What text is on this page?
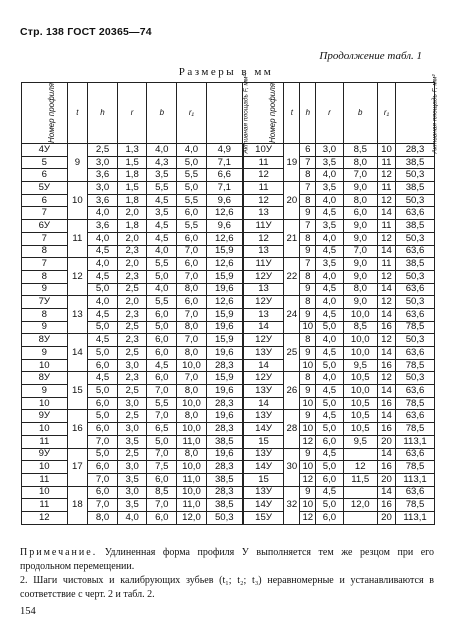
Стр. 138 ГОСТ 20365—74
Продолжение табл. 1
Размеры в мм
Номер профиля	t	h	r	b	r₁	Активная площадь F, мм²	Номер профиля	t	h	r	b	r₁	Активная площадь F, мм²
4У	9	2,5	1,3	4,0	4,0	4,9	10У	19	6	3,0	8,5	10	28,3
5		3,0	1,5	4,3	5,0	7,1	11		7	3,5	8,0	11	38,5
6		3,6	1,8	3,5	5,5	6,6	12		8	4,0	7,0	12	50,3
5У	10	3,0	1,5	5,5	5,0	7,1	11	20	7	3,5	9,0	11	38,5
6		3,6	1,8	4,5	5,5	9,6	12		8	4,0	8,0	12	50,3
7		4,0	2,0	3,5	6,0	12,6	13		9	4,5	6,0	14	63,6
6У	11	3,6	1,8	4,5	5,5	9,6	11У	21	7	3,5	9,0	11	38,5
7		4,0	2,0	4,5	6,0	12,6	12		8	4,0	9,0	12	50,3
8		4,5	2,3	4,0	7,0	15,9	13		9	4,5	7,0	14	63,6
7	12	4,0	2,0	5,5	6,0	12,6	11У	22	7	3,5	9,0	11	38,5
8		4,5	2,3	5,0	7,0	15,9	12У		8	4,0	9,0	12	50,3
9		5,0	2,5	4,0	8,0	19,6	13		9	4,5	8,0	14	63,6
7У	13	4,0	2,0	5,5	6,0	12,6	12У	24	8	4,0	9,0	12	50,3
8		4,5	2,3	6,0	7,0	15,9	13		9	4,5	10,0	14	63,6
9		5,0	2,5	5,0	8,0	19,6	14		10	5,0	8,5	16	78,5
8У	14	4,5	2,3	6,0	7,0	15,9	12У	25	8	4,0	10,0	12	50,3
9		5,0	2,5	6,0	8,0	19,6	13У		9	4,5	10,0	14	63,6
10		6,0	3,0	4,5	10,0	28,3	14		10	5,0	9,5	16	78,5
8У	15	4,5	2,3	6,0	7,0	15,9	12У	26	8	4,0	10,5	12	50,3
9		5,0	2,5	7,0	8,0	19,6	13У		9	4,5	10,0	14	63,6
10		6,0	3,0	5,5	10,0	28,3	14		10	5,0	10,5	16	78,5
9У	16	5,0	2,5	7,0	8,0	19,6	13У	28	9	4,5	10,5	14	63,6
10		6,0	3,0	6,5	10,0	28,3	14У		10	5,0	10,5	16	78,5
11		7,0	3,5	5,0	11,0	38,5	15		12	6,0	9,5	20	113,1
9У	17	5,0	2,5	7,0	8,0	19,6	13У	30	9	4,5		14	63,6
10		6,0	3,0	7,5	10,0	28,3	14У		10	5,0	12	16	78,5
11		7,0	3,5	6,0	11,0	38,5	15		12	6,0	11,5	20	113,1
10	18	6,0	3,0	8,5	10,0	28,3	13У	32	9	4,5		14	63,6
11		7,0	3,5	7,0	11,0	38,5	14У		10	5,0	12,0	16	78,5
12		8,0	4,0	6,0	12,0	50,3	15У		12	6,0		20	113,1
Примечание. Удлиненная форма профиля У выполняется тем же резцом при его продольном перемещении.
2. Шаги чистовых и калибрующих зубьев (t₁; t₂; t₃) неравномерные и устанавливаются в соответствие с черт. 2 и табл. 2.
154
